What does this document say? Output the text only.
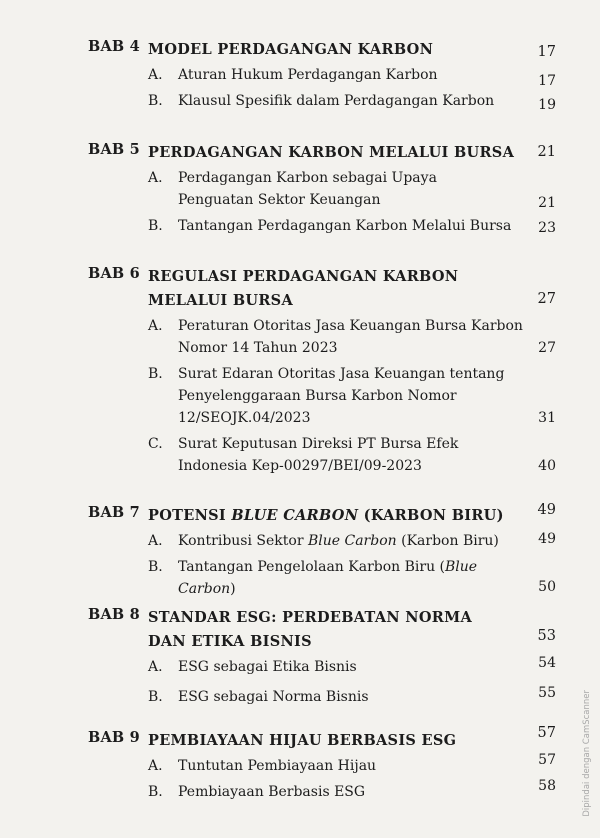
BAB 4 MODEL PERDAGANGAN KARBON	17
A. Aturan Hukum Perdagangan Karbon	17
B. Klausul Spesifik dalam Perdagangan Karbon	19
BAB 5 PERDAGANGAN KARBON MELALUI BURSA 21
A. Perdagangan Karbon sebagai Upaya Penguatan Sektor Keuangan	21
B. Tantangan Perdagangan Karbon Melalui Bursa	23
BAB 6 REGULASI PERDAGANGAN KARBON MELALUI BURSA	27
A. Peraturan Otoritas Jasa Keuangan Bursa Karbon Nomor 14 Tahun 2023	27
B. Surat Edaran Otoritas Jasa Keuangan tentang Penyelenggaraan Bursa Karbon Nomor 12/SEOJK.04/2023	31
C. Surat Keputusan Direksi PT Bursa Efek Indonesia Kep-00297/BEI/09-2023	40
BAB 7 POTENSI BLUE CARBON (KARBON BIRU)	49
A. Kontribusi Sektor Blue Carbon (Karbon Biru)	49
B. Tantangan Pengelolaan Karbon Biru (Blue Carbon)	50
BAB 8 STANDAR ESG: PERDEBATAN NORMA DAN ETIKA BISNIS	53
A. ESG sebagai Etika Bisnis	54
B. ESG sebagai Norma Bisnis	55
BAB 9 PEMBIAYAAN HIJAU BERBASIS ESG	57
A. Tuntutan Pembiayaan Hijau	57
B. Pembiayaan Berbasis ESG	58	Dipindai dengan CamScanner
